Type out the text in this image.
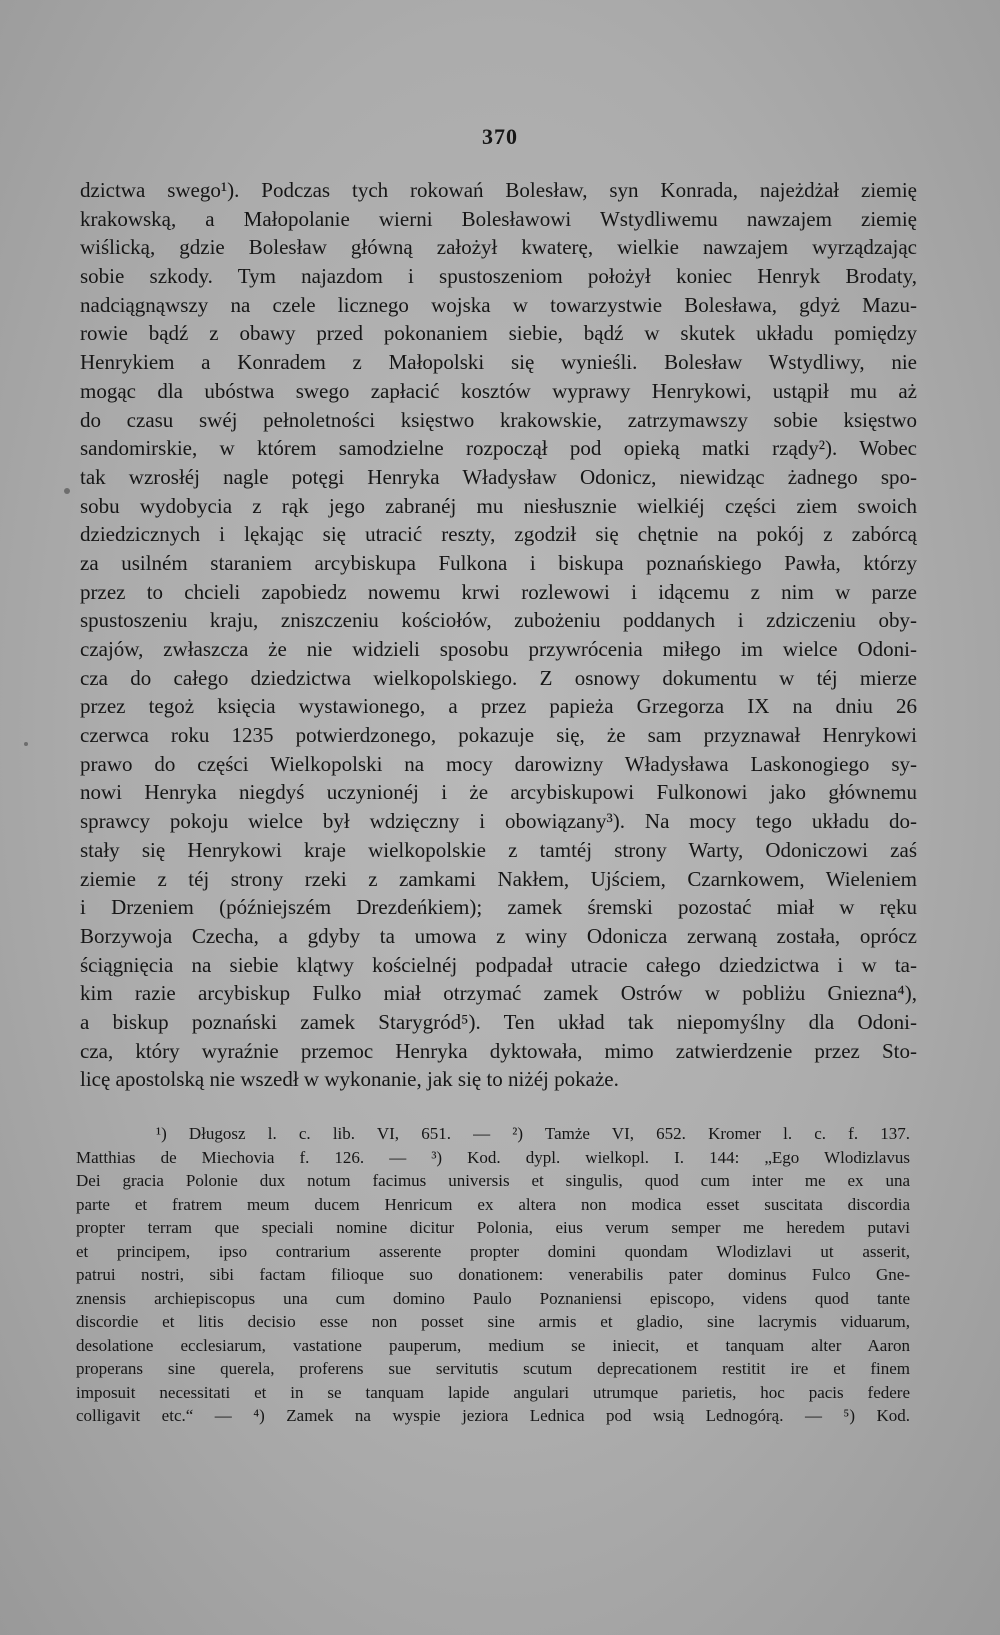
370
dzictwa swego¹). Podczas tych rokowań Bolesław, syn Konrada, najeżdżał ziemię
krakowską, a Małopolanie wierni Bolesławowi Wstydliwemu nawzajem ziemię
wiślicką, gdzie Bolesław główną założył kwaterę, wielkie nawzajem wyrządzając
sobie szkody. Tym najazdom i spustoszeniom położył koniec Henryk Brodaty,
nadciągnąwszy na czele licznego wojska w towarzystwie Bolesława, gdyż Mazu-
rowie bądź z obawy przed pokonaniem siebie, bądź w skutek układu pomiędzy
Henrykiem a Konradem z Małopolski się wynieśli. Bolesław Wstydliwy, nie
mogąc dla ubóstwa swego zapłacić kosztów wyprawy Henrykowi, ustąpił mu aż
do czasu swéj pełnoletności księstwo krakowskie, zatrzymawszy sobie księstwo
sandomirskie, w którem samodzielne rozpoczął pod opieką matki rządy²). Wobec
tak wzrosłéj nagle potęgi Henryka Władysław Odonicz, niewidząc żadnego spo-
sobu wydobycia z rąk jego zabranéj mu niesłusznie wielkiéj części ziem swoich
dziedzicznych i lękając się utracić reszty, zgodził się chętnie na pokój z zabórcą
za usilném staraniem arcybiskupa Fulkona i biskupa poznańskiego Pawła, którzy
przez to chcieli zapobiedz nowemu krwi rozlewowi i idącemu z nim w parze
spustoszeniu kraju, zniszczeniu kościołów, zubożeniu poddanych i zdziczeniu oby-
czajów, zwłaszcza że nie widzieli sposobu przywrócenia miłego im wielce Odoni-
cza do całego dziedzictwa wielkopolskiego. Z osnowy dokumentu w téj mierze
przez tegoż księcia wystawionego, a przez papieża Grzegorza IX na dniu 26
czerwca roku 1235 potwierdzonego, pokazuje się, że sam przyznawał Henrykowi
prawo do części Wielkopolski na mocy darowizny Władysława Laskonogiego sy-
nowi Henryka niegdyś uczynionéj i że arcybiskupowi Fulkonowi jako głównemu
sprawcy pokoju wielce był wdzięczny i obowiązany³). Na mocy tego układu do-
stały się Henrykowi kraje wielkopolskie z tamtéj strony Warty, Odoniczowi zaś
ziemie z téj strony rzeki z zamkami Nakłem, Ujściem, Czarnkowem, Wieleniem
i Drzeniem (późniejszém Drezdeńkiem); zamek śremski pozostać miał w ręku
Borzywoja Czecha, a gdyby ta umowa z winy Odonicza zerwaną została, oprócz
ściągnięcia na siebie klątwy kościelnéj podpadał utracie całego dziedzictwa i w ta-
kim razie arcybiskup Fulko miał otrzymać zamek Ostrów w pobliżu Gniezna⁴),
a biskup poznański zamek Starygród⁵). Ten układ tak niepomyślny dla Odoni-
cza, który wyraźnie przemoc Henryka dyktowała, mimo zatwierdzenie przez Sto-
licę apostolską nie wszedł w wykonanie, jak się to niżéj pokaże.
¹) Długosz l. c. lib. VI, 651. — ²) Tamże VI, 652. Kromer l. c. f. 137.
Matthias de Miechovia f. 126. — ³) Kod. dypl. wielkopl. I. 144: „Ego Wlodizlavus
Dei gracia Polonie dux notum facimus universis et singulis, quod cum inter me ex una
parte et fratrem meum ducem Henricum ex altera non modica esset suscitata discordia
propter terram que speciali nomine dicitur Polonia, eius verum semper me heredem putavi
et principem, ipso contrarium asserente propter domini quondam Wlodizlavi ut asserit,
patrui nostri, sibi factam filioque suo donationem: venerabilis pater dominus Fulco Gne-
znensis archiepiscopus una cum domino Paulo Poznaniensi episcopo, videns quod tante
discordie et litis decisio esse non posset sine armis et gladio, sine lacrymis viduarum,
desolatione ecclesiarum, vastatione pauperum, medium se iniecit, et tanquam alter Aaron
properans sine querela, proferens sue servitutis scutum deprecationem restitit ire et finem
imposuit necessitati et in se tanquam lapide angulari utrumque parietis, hoc pacis federe
colligavit etc.“ — ⁴) Zamek na wyspie jeziora Lednica pod wsią Lednogórą. — ⁵) Kod.
